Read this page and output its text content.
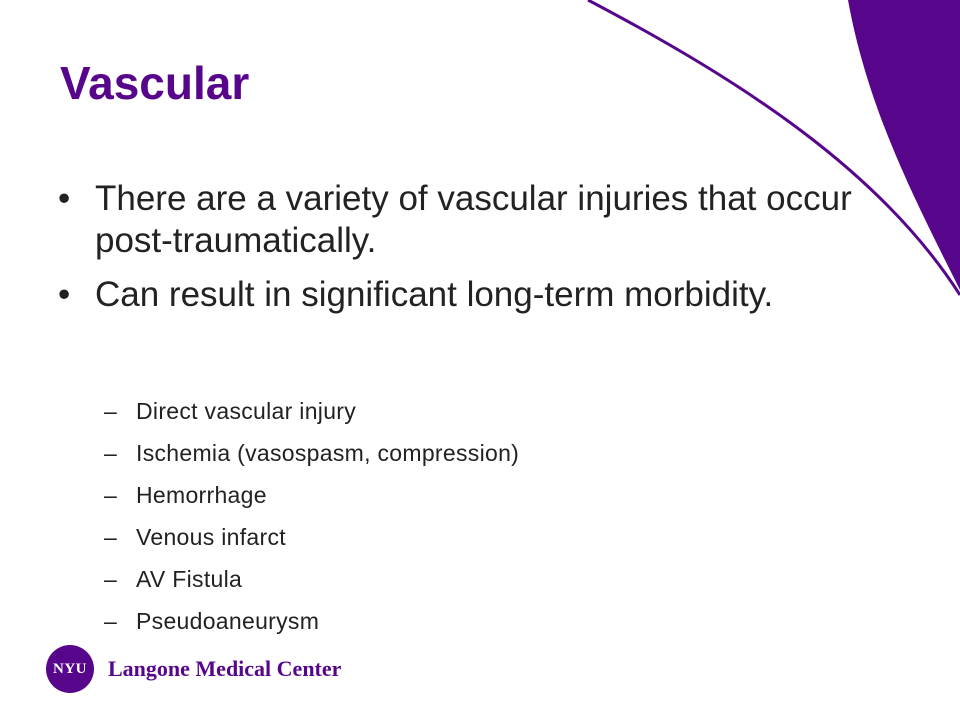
Vascular
• There are a variety of vascular injuries that occur post-traumatically.
• Can result in significant long-term morbidity.
– Direct vascular injury
– Ischemia (vasospasm, compression)
– Hemorrhage
– Venous infarct
– AV Fistula
– Pseudoaneurysm
NYU Langone Medical Center
